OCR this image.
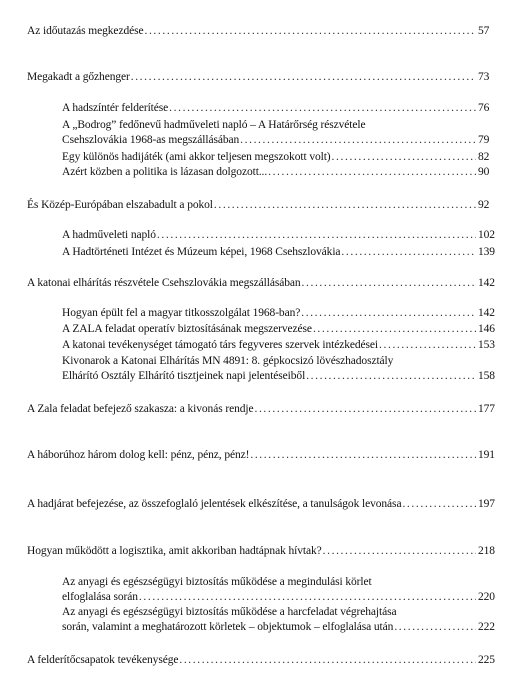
Az időutazás megkezdése .....	57
Megakadt a gőzhenger .....	73
A hadszíntér felderítése .....	76
A „Bodrog” fedőnevű hadműveleti napló – A Határőrség részvétele
Csehszlovákia 1968-as megszállásában .....	79
Egy különös hadijáték (ami akkor teljesen megszokott volt) .....	82
Azért közben a politika is lázasan dolgozott... .....	90
És Közép-Európában elszabadult a pokol .....	92
A hadműveleti napló .....	102
A Hadtörténeti Intézet és Múzeum képei, 1968 Csehszlovákia .....	139
A katonai elhárítás részvétele Csehszlovákia megszállásában .....	142
Hogyan épült fel a magyar titkosszolgálat 1968-ban? .....	142
A ZALA feladat operatív biztosításának megszervezése .....	146
A katonai tevékenységet támogató társ fegyveres szervek intézkedései .....	153
Kivonarok a Katonai Elhárítás MN 4891: 8. gépkocsizó lövészhadosztály
Elhárító Osztály Elhárító tisztjeinek napi jelentéseiből .....	158
A Zala feladat befejező szakasza: a kivonás rendje .....	177
A háborúhoz három dolog kell: pénz, pénz, pénz! .....	191
A hadjárat befejezése, az összefoglaló jelentések elkészítése, a tanulságok levonása .....	197
Hogyan működött a logisztika, amit akkoriban hadtápnak hívtak? .....	218
Az anyagi és egészségügyi biztosítás működése a megindulási körlet
elfoglalása során .....	220
Az anyagi és egészségügyi biztosítás működése a harcfeladat végrehajtása
során, valamint a meghatározott körletek – objektumok – elfoglalása után .....	222
A felderítőcsapatok tevékenysége .....	225
